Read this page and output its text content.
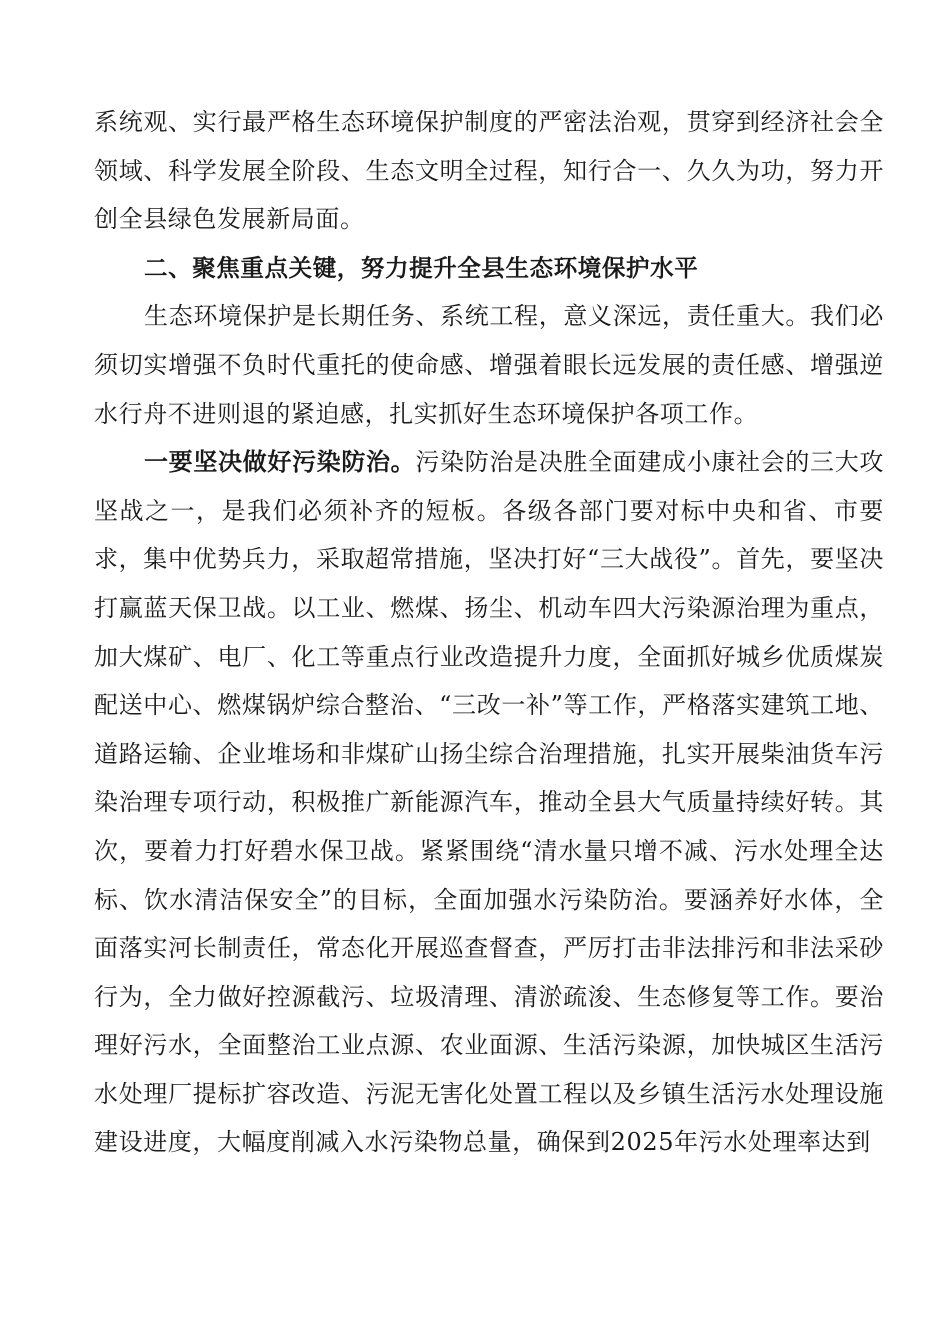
系统观、实行最严格生态环境保护制度的严密法治观，贯穿到经济社会全领域、科学发展全阶段、生态文明全过程，知行合一、久久为功，努力开创全县绿色发展新局面。

二、聚焦重点关键，努力提升全县生态环境保护水平

生态环境保护是长期任务、系统工程，意义深远，责任重大。我们必须切实增强不负时代重托的使命感、增强着眼长远发展的责任感、增强逆水行舟不进则退的紧迫感，扎实抓好生态环境保护各项工作。

一要坚决做好污染防治。污染防治是决胜全面建成小康社会的三大攻坚战之一，是我们必须补齐的短板。各级各部门要对标中央和省、市要求，集中优势兵力，采取超常措施，坚决打好“三大战役”。首先，要坚决打赢蓝天保卫战。以工业、燃煤、扬尘、机动车四大污染源治理为重点，加大煤矿、电厂、化工等重点行业改造提升力度，全面抓好城乡优质煤炭配送中心、燃煤锅炉综合整治、“三改一补”等工作，严格落实建筑工地、道路运输、企业堆场和非煤矿山扬尘综合治理措施，扎实开展柴油货车污染治理专项行动，积极推广新能源汽车，推动全县大气质量持续好转。其次，要着力打好碧水保卫战。紧紧围绕“清水量只增不减、污水处理全达标、饮水清洁保安全”的目标，全面加强水污染防治。要涵养好水体，全面落实河长制责任，常态化开展巡查督查，严厉打击非法排污和非法采砂行为，全力做好控源截污、垃圾清理、清淤疏浚、生态修复等工作。要治理好污水，全面整治工业点源、农业面源、生活污染源，加快城区生活污水处理厂提标扩容改造、污泥无害化处置工程以及乡镇生活污水处理设施建设进度，大幅度削减入水污染物总量，确保到2025年污水处理率达到
